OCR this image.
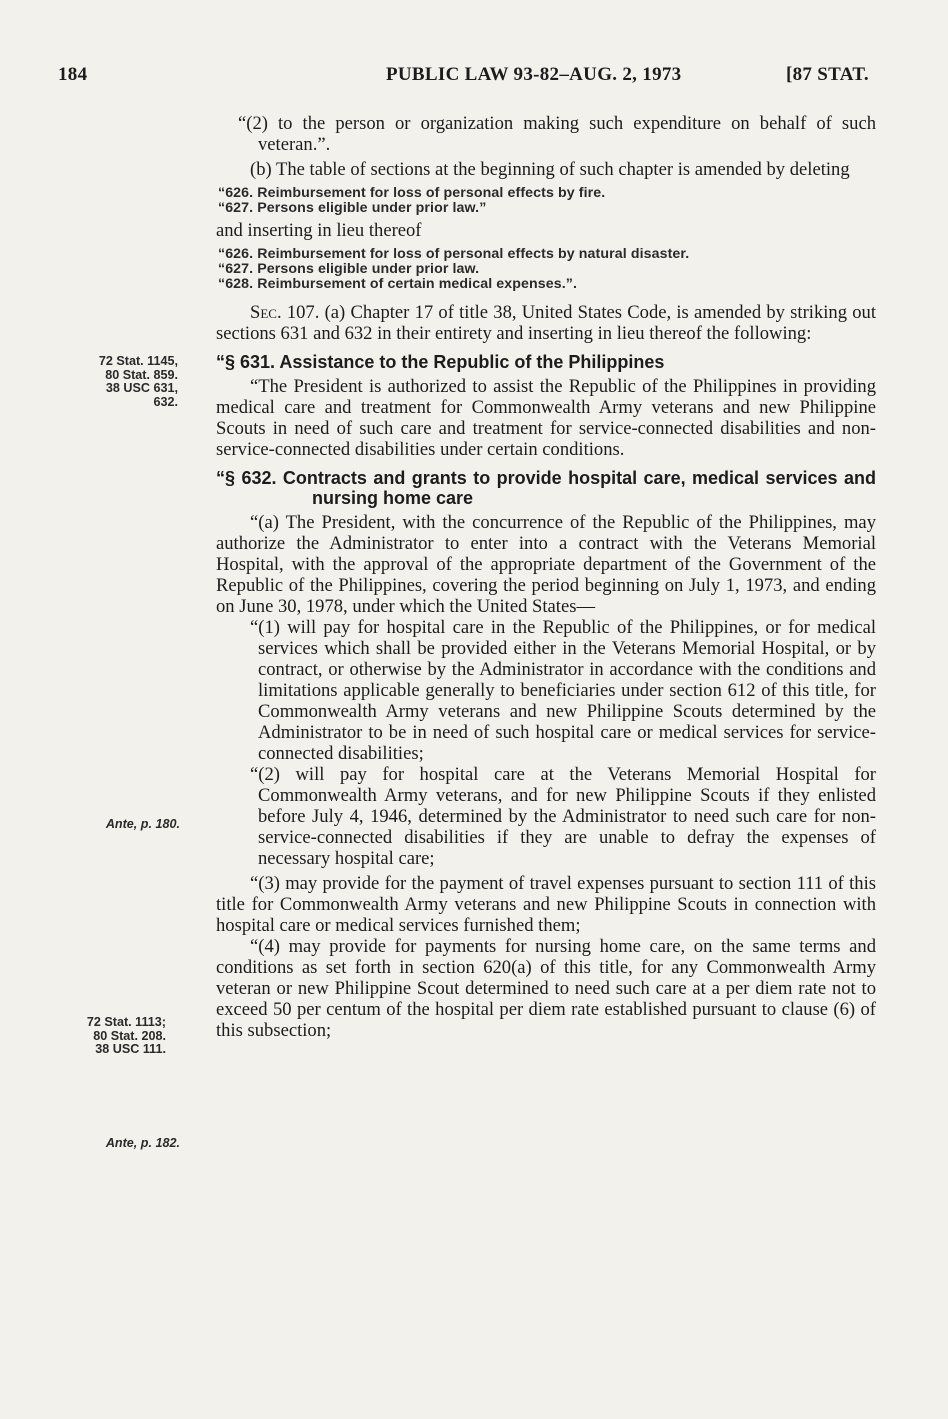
184	PUBLIC LAW 93-82–AUG. 2, 1973	[87 STAT.
72 Stat. 1145,
80 Stat. 859.
38 USC 631,
632.
Ante, p. 180.
72 Stat. 1113;
80 Stat. 208.
38 USC 111.
Ante, p. 182.

“(2) to the person or organization making such expenditure on behalf of such veteran.”.

(b) The table of sections at the beginning of such chapter is amended by deleting

“626. Reimbursement for loss of personal effects by fire.

“627. Persons eligible under prior law.”

and inserting in lieu thereof

“626. Reimbursement for loss of personal effects by natural disaster.

“627. Persons eligible under prior law.

“628. Reimbursement of certain medical expenses.”.

Sec. 107. (a) Chapter 17 of title 38, United States Code, is amended by striking out sections 631 and 632 in their entirety and inserting in lieu thereof the following:

“§ 631. Assistance to the Republic of the Philippines

“The President is authorized to assist the Republic of the Philippines in providing medical care and treatment for Commonwealth Army veterans and new Philippine Scouts in need of such care and treatment for service-connected disabilities and non-service-connected disabilities under certain conditions.

“§ 632. Contracts and grants to provide hospital care, medical services and nursing home care

“(a) The President, with the concurrence of the Republic of the Philippines, may authorize the Administrator to enter into a contract with the Veterans Memorial Hospital, with the approval of the appropriate department of the Government of the Republic of the Philippines, covering the period beginning on July 1, 1973, and ending on June 30, 1978, under which the United States—

“(1) will pay for hospital care in the Republic of the Philippines, or for medical services which shall be provided either in the Veterans Memorial Hospital, or by contract, or otherwise by the Administrator in accordance with the conditions and limitations applicable generally to beneficiaries under section 612 of this title, for Commonwealth Army veterans and new Philippine Scouts determined by the Administrator to be in need of such hospital care or medical services for service-connected disabilities;

“(2) will pay for hospital care at the Veterans Memorial Hospital for Commonwealth Army veterans, and for new Philippine Scouts if they enlisted before July 4, 1946, determined by the Administrator to need such care for non-service-connected disabilities if they are unable to defray the expenses of necessary hospital care;

“(3) may provide for the payment of travel expenses pursuant to section 111 of this title for Commonwealth Army veterans and new Philippine Scouts in connection with hospital care or medical services furnished them;

“(4) may provide for payments for nursing home care, on the same terms and conditions as set forth in section 620(a) of this title, for any Commonwealth Army veteran or new Philippine Scout determined to need such care at a per diem rate not to exceed 50 per centum of the hospital per diem rate established pursuant to clause (6) of this subsection;
